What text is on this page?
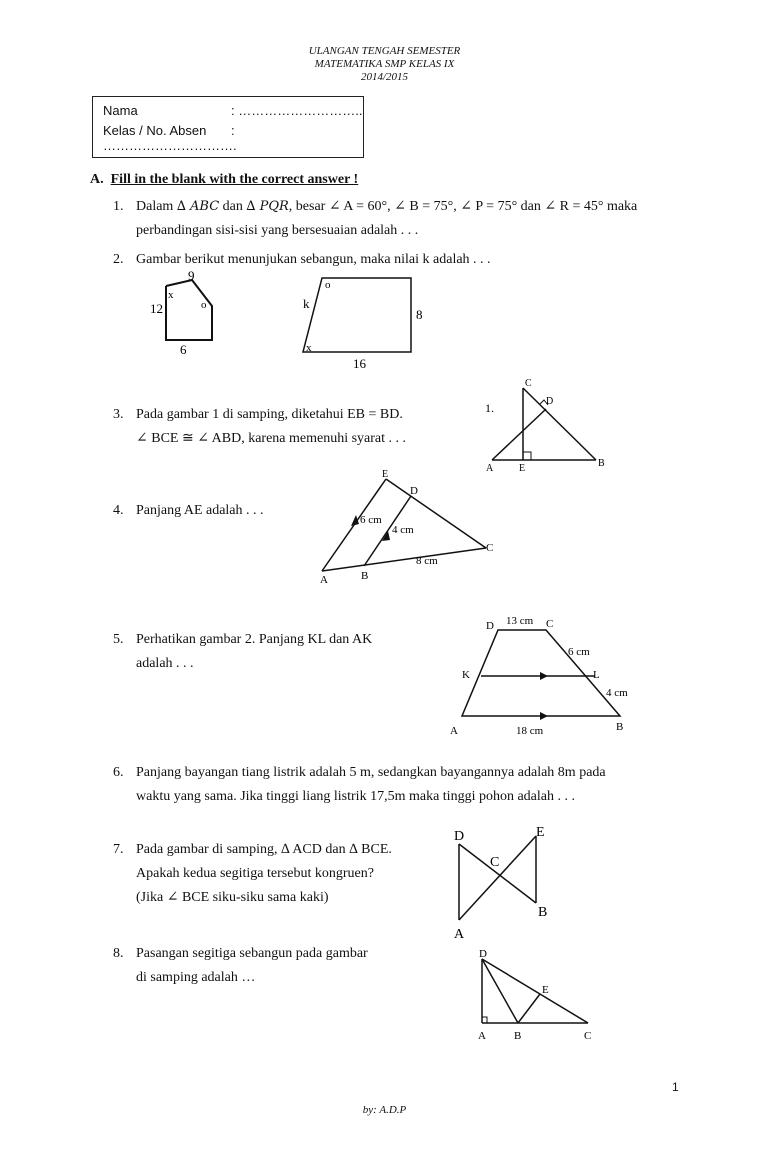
ULANGAN TENGAH SEMESTER
MATEMATIKA SMP KELAS IX
2014/2015
Nama	: ………………………..
Kelas / No. Absen : ………………………….
A. Fill in the blank with the correct answer !
1. Dalam ∆ ABC dan ∆ PQR, besar ∠ A = 60°, ∠ B = 75°, ∠ P = 75° dan ∠ R = 45° maka
perbandingan sisi-sisi yang bersesuaian adalah . . .
2. Gambar berikut menunjukan sebangun, maka nilai k adalah . . .
9
12
6
x
o
o
k
8
16
x
3. Pada gambar 1 di samping, diketahui EB = BD.
∠ BCE ≅ ∠ ABD, karena memenuhi syarat . . .
1.
C
D
A	E	B
4. Panjang AE adalah . . .
E
D
A	B
C
6 cm
4 cm
8 cm
5. Perhatikan gambar 2. Panjang KL dan AK
adalah . . .
D	C
13 cm
6 cm
K	L
4 cm
A	B
18 cm
6. Panjang bayangan tiang listrik adalah 5 m, sedangkan bayangannya adalah 8m pada
waktu yang sama. Jika tinggi liang listrik 17,5m maka tinggi pohon adalah . . .
7. Pada gambar di samping, ∆ ACD dan ∆ BCE.
Apakah kedua segitiga tersebut kongruen?
(Jika ∠ BCE siku-siku sama kaki)
D	E
C
B
A
8. Pasangan segitiga sebangun pada gambar
di samping adalah …
D
E
A	B	C
1
by: A.D.P
